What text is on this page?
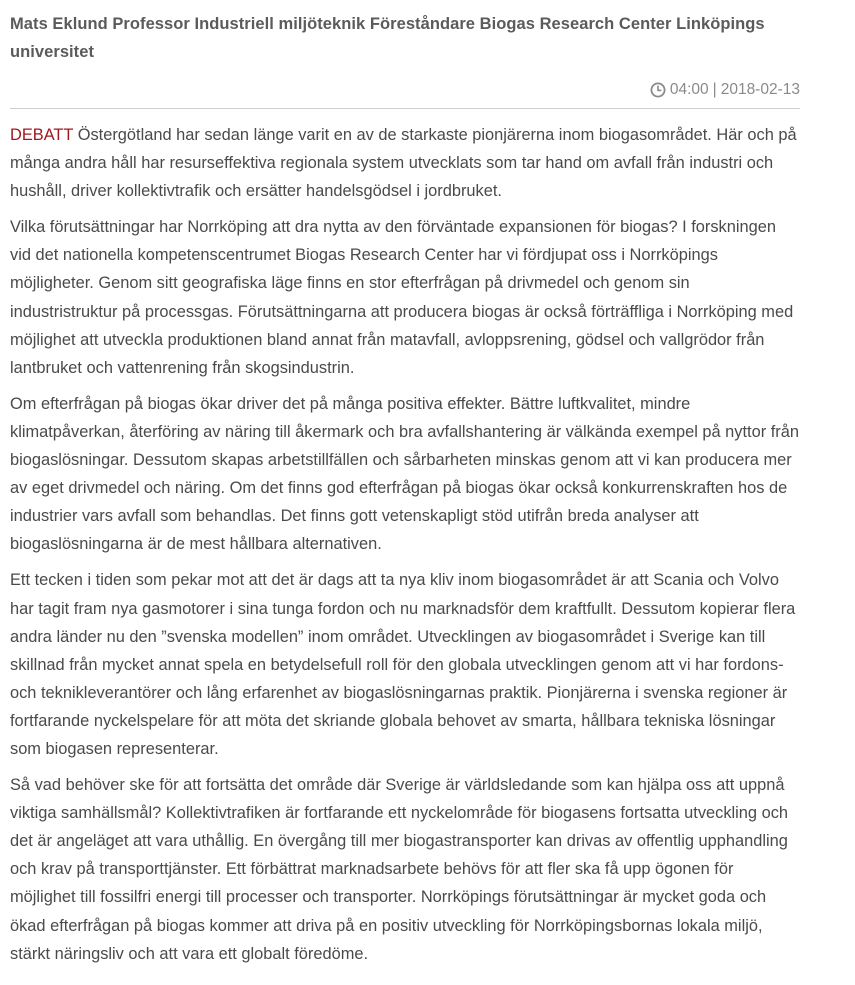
Mats Eklund Professor Industriell miljöteknik Föreståndare Biogas Research Center Linköpings universitet
04:00 | 2018-02-13

DEBATT Östergötland har sedan länge varit en av de starkaste pionjärerna inom biogasområdet. Här och på många andra håll har resurseffektiva regionala system utvecklats som tar hand om avfall från industri och hushåll, driver kollektivtrafik och ersätter handelsgödsel i jordbruket.

Vilka förutsättningar har Norrköping att dra nytta av den förväntade expansionen för biogas? I forskningen vid det nationella kompetenscentrumet Biogas Research Center har vi fördjupat oss i Norrköpings möjligheter. Genom sitt geografiska läge finns en stor efterfrågan på drivmedel och genom sin industristruktur på processgas. Förutsättningarna att producera biogas är också förträffliga i Norrköping med möjlighet att utveckla produktionen bland annat från matavfall, avloppsrening, gödsel och vallgrödor från lantbruket och vattenrening från skogsindustrin.

Om efterfrågan på biogas ökar driver det på många positiva effekter. Bättre luftkvalitet, mindre klimatpåverkan, återföring av näring till åkermark och bra avfallshantering är välkända exempel på nyttor från biogaslösningar. Dessutom skapas arbetstillfällen och sårbarheten minskas genom att vi kan producera mer av eget drivmedel och näring. Om det finns god efterfrågan på biogas ökar också konkurrenskraften hos de industrier vars avfall som behandlas. Det finns gott vetenskapligt stöd utifrån breda analyser att biogaslösningarna är de mest hållbara alternativen.

Ett tecken i tiden som pekar mot att det är dags att ta nya kliv inom biogasområdet är att Scania och Volvo har tagit fram nya gasmotorer i sina tunga fordon och nu marknadsför dem kraftfullt. Dessutom kopierar flera andra länder nu den ”svenska modellen” inom området. Utvecklingen av biogasområdet i Sverige kan till skillnad från mycket annat spela en betydelsefull roll för den globala utvecklingen genom att vi har fordons- och teknikleverantörer och lång erfarenhet av biogaslösningarnas praktik. Pionjärerna i svenska regioner är fortfarande nyckelspelare för att möta det skriande globala behovet av smarta, hållbara tekniska lösningar som biogasen representerar.

Så vad behöver ske för att fortsätta det område där Sverige är världsledande som kan hjälpa oss att uppnå viktiga samhällsmål? Kollektivtrafiken är fortfarande ett nyckelområde för biogasens fortsatta utveckling och det är angeläget att vara uthållig. En övergång till mer biogastransporter kan drivas av offentlig upphandling och krav på transporttjänster. Ett förbättrat marknadsarbete behövs för att fler ska få upp ögonen för möjlighet till fossilfri energi till processer och transporter. Norrköpings förutsättningar är mycket goda och ökad efterfrågan på biogas kommer att driva på en positiv utveckling för Norrköpingsbornas lokala miljö, stärkt näringsliv och att vara ett globalt föredöme.
